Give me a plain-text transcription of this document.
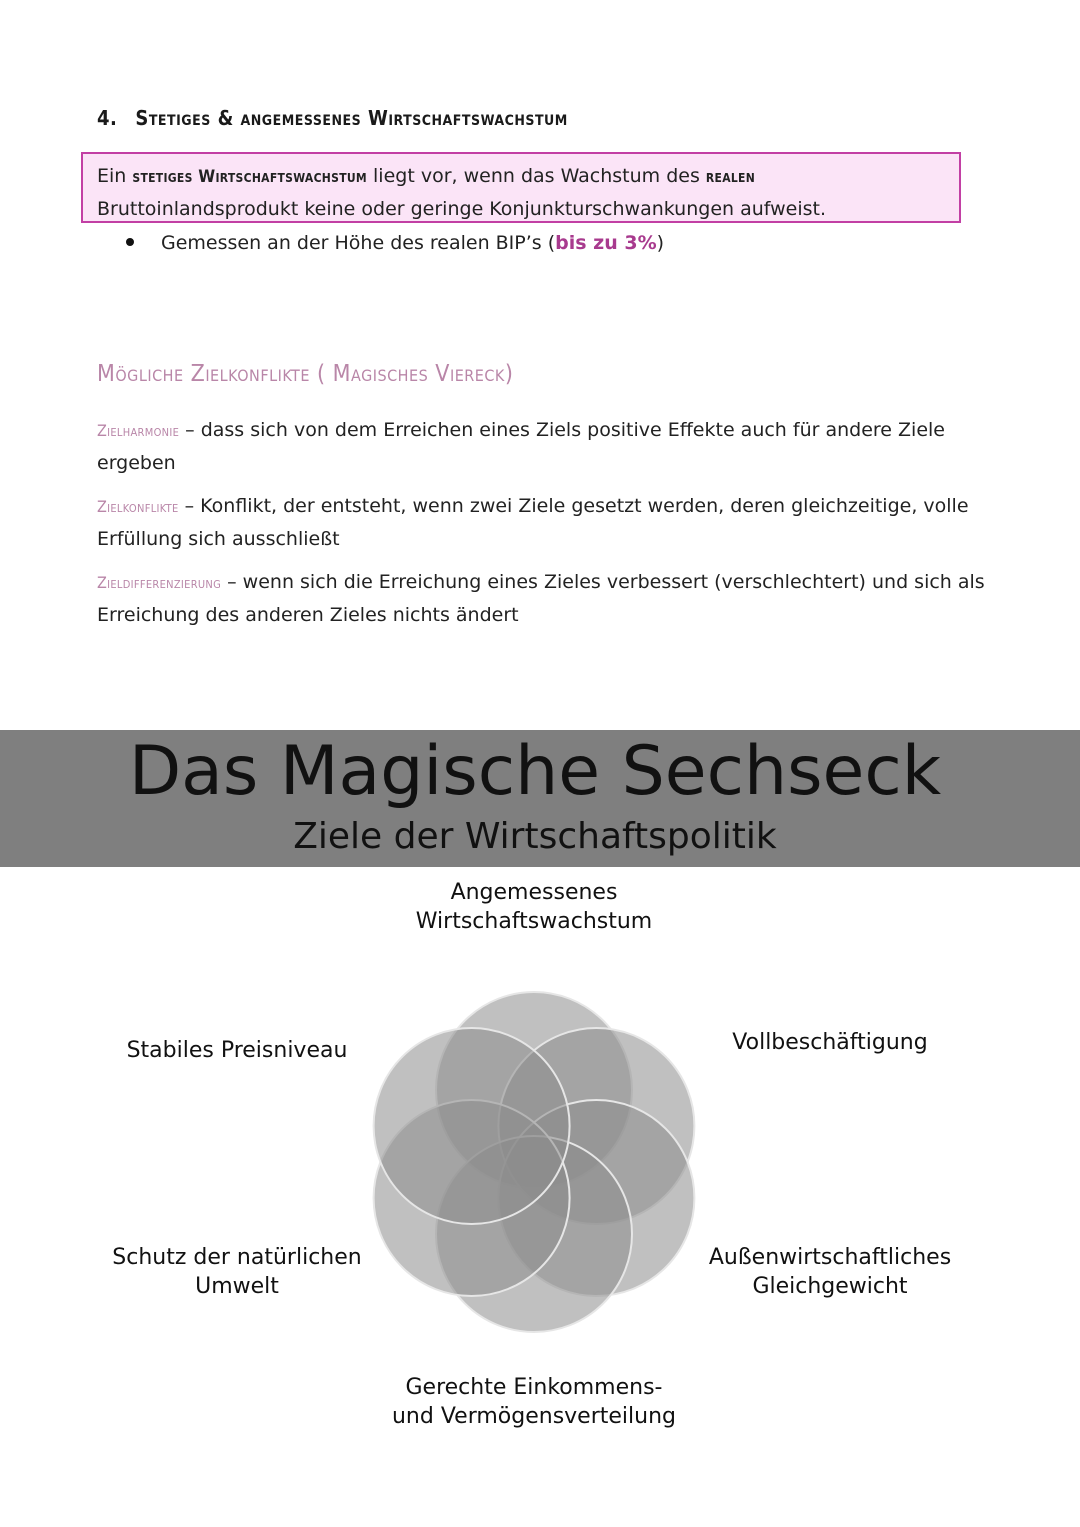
4. Stetiges & angemessenes Wirtschaftswachstum
Ein stetiges Wirtschaftswachstum liegt vor, wenn das Wachstum des realen Bruttoinlandsprodukt keine oder geringe Konjunkturschwankungen aufweist.
Gemessen an der Höhe des realen BIP’s (bis zu 3%)
Mögliche Zielkonflikte ( Magisches Viereck)
Zielharmonie – dass sich von dem Erreichen eines Ziels positive Effekte auch für andere Ziele ergeben
Zielkonflikte – Konflikt, der entsteht, wenn zwei Ziele gesetzt werden, deren gleichzeitige, volle Erfüllung sich ausschließt
Zieldifferenzierung – wenn sich die Erreichung eines Zieles verbessert (verschlechtert) und sich als Erreichung des anderen Zieles nichts ändert
Das Magische Sechseck
Ziele der Wirtschaftspolitik
Angemessenes Wirtschaftswachstum
Vollbeschäftigung
Stabiles Preisniveau
Schutz der natürlichen Umwelt
Außenwirtschaftliches Gleichgewicht
Gerechte Einkommens- und Vermögensverteilung
